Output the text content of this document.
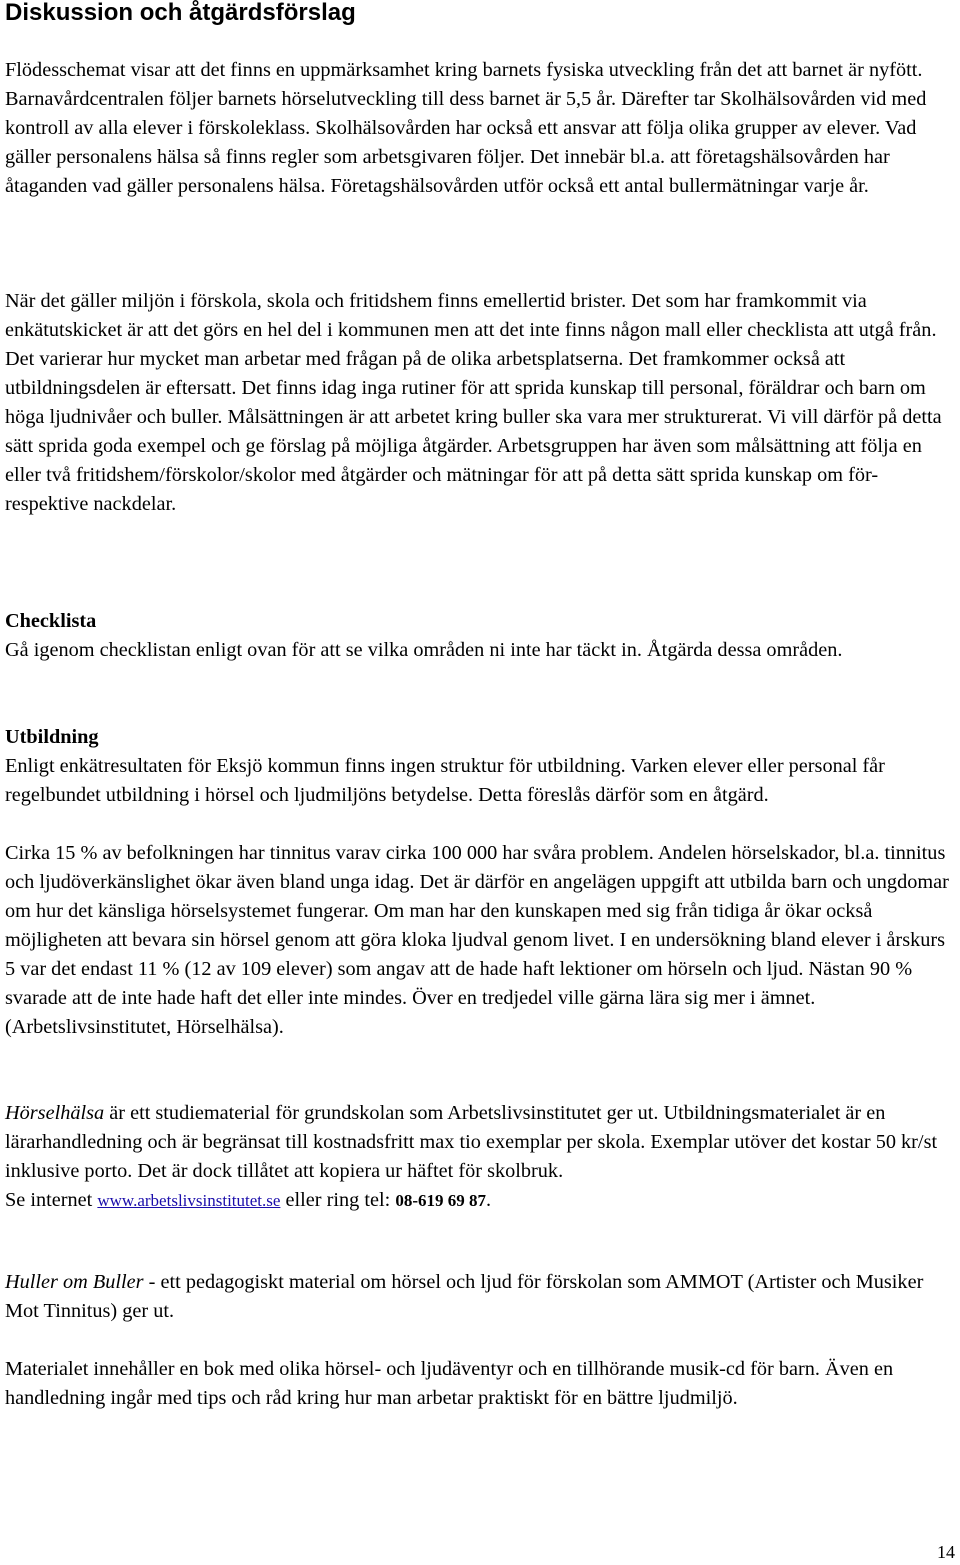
Diskussion och åtgärdsförslag

Flödesschemat visar att det finns en uppmärksamhet kring barnets fysiska utveckling från det att barnet är nyfött. Barnavårdcentralen följer barnets hörselutveckling till dess barnet är 5,5 år. Därefter tar Skolhälsovården vid med kontroll av alla elever i förskoleklass. Skolhälsovården har också ett ansvar att följa olika grupper av elever. Vad gäller personalens hälsa så finns regler som arbetsgivaren följer. Det innebär bl.a. att företagshälsovården har åtaganden vad gäller personalens hälsa. Företagshälsovården utför också ett antal bullermätningar varje år.

När det gäller miljön i förskola, skola och fritidshem finns emellertid brister. Det som har framkommit via enkätutskicket är att det görs en hel del i kommunen men att det inte finns någon mall eller checklista att utgå från. Det varierar hur mycket man arbetar med frågan på de olika arbetsplatserna. Det framkommer också att utbildningsdelen är eftersatt. Det finns idag inga rutiner för att sprida kunskap till personal, föräldrar och barn om höga ljudnivåer och buller. Målsättningen är att arbetet kring buller ska vara mer strukturerat. Vi vill därför på detta sätt sprida goda exempel och ge förslag på möjliga åtgärder. Arbetsgruppen har även som målsättning att följa en eller två fritidshem/förskolor/skolor med åtgärder och mätningar för att på detta sätt sprida kunskap om för- respektive nackdelar.

Checklista

Gå igenom checklistan enligt ovan för att se vilka områden ni inte har täckt in. Åtgärda dessa områden.

Utbildning

Enligt enkätresultaten för Eksjö kommun finns ingen struktur för utbildning. Varken elever eller personal får regelbundet utbildning i hörsel och ljudmiljöns betydelse. Detta föreslås därför som en åtgärd.

Cirka 15 % av befolkningen har tinnitus varav cirka 100 000 har svåra problem. Andelen hörselskador, bl.a. tinnitus och ljudöverkänslighet ökar även bland unga idag. Det är därför en angelägen uppgift att utbilda barn och ungdomar om hur det känsliga hörselsystemet fungerar. Om man har den kunskapen med sig från tidiga år ökar också möjligheten att bevara sin hörsel genom att göra kloka ljudval genom livet. I en undersökning bland elever i årskurs 5 var det endast 11 % (12 av 109 elever) som angav att de hade haft lektioner om hörseln och ljud. Nästan 90 % svarade att de inte hade haft det eller inte mindes. Över en tredjedel ville gärna lära sig mer i ämnet. (Arbetslivsinstitutet, Hörselhälsa).

Hörselhälsa är ett studiematerial för grundskolan som Arbetslivsinstitutet ger ut. Utbildningsmaterialet är en lärarhandledning och är begränsat till kostnadsfritt max tio exemplar per skola. Exemplar utöver det kostar 50 kr/st inklusive porto. Det är dock tillåtet att kopiera ur häftet för skolbruk.
Se internet www.arbetslivsinstitutet.se eller ring tel: 08-619 69 87.

Huller om Buller - ett pedagogiskt material om hörsel och ljud för förskolan som AMMOT (Artister och Musiker Mot Tinnitus) ger ut.

Materialet innehåller en bok med olika hörsel- och ljudäventyr och en tillhörande musik-cd för barn. Även en handledning ingår med tips och råd kring hur man arbetar praktiskt för en bättre ljudmiljö.

14
